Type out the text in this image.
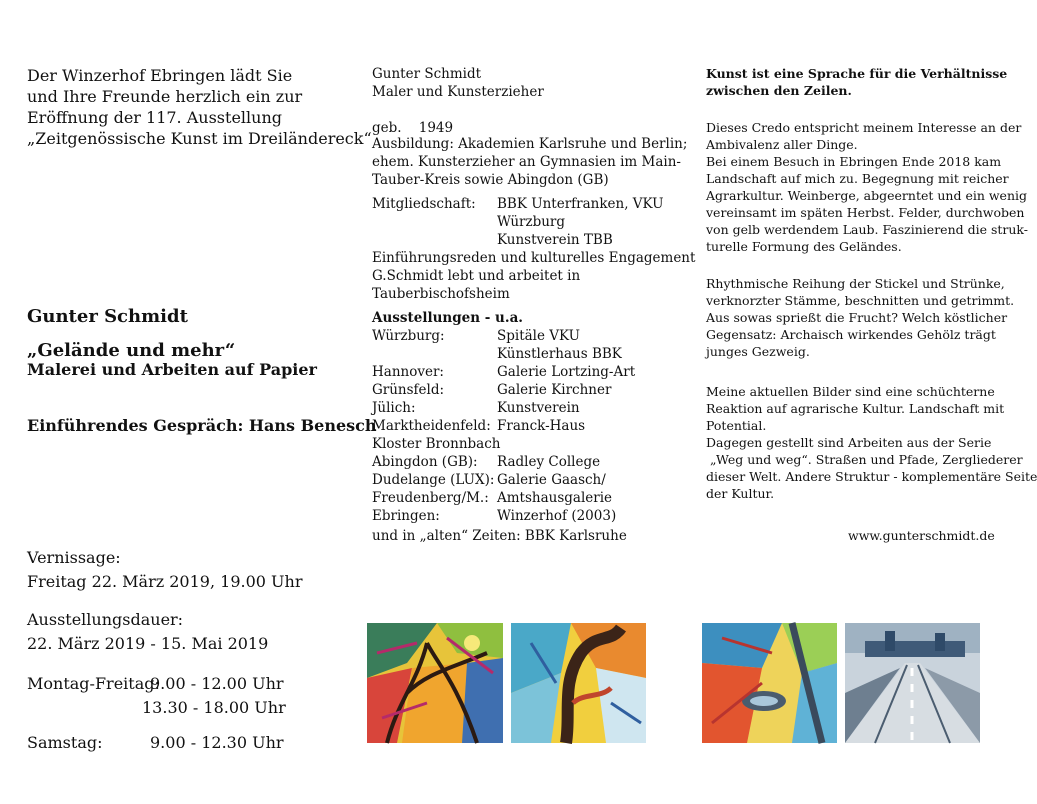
Der Winzerhof Ebringen lädt Sie
und Ihre Freunde herzlich ein zur
Eröffnung der 117. Ausstellung
„Zeitgenössische Kunst im Dreiländereck“
Gunter Schmidt
„Gelände und mehr“
Malerei und Arbeiten auf Papier
Einführendes Gespräch: Hans Benesch
Vernissage:
Freitag 22. März 2019, 19.00 Uhr
Ausstellungsdauer:
22. März 2019 - 15. Mai 2019
Montag-Freitag:
9.00 - 12.00 Uhr
13.30 - 18.00 Uhr
Samstag:	9.00 - 12.30 Uhr
Gunter Schmidt
Maler und Kunsterzieher
geb.    1949
Ausbildung: Akademien Karlsruhe und Berlin;
ehem. Kunsterzieher an Gymnasien im Main-
Tauber-Kreis sowie Abingdon (GB)
Mitgliedschaft: BBK Unterfranken, VKU
Würzburg
Kunstverein TBB
Einführungsreden und kulturelles Engagement
G.Schmidt lebt und arbeitet in
Tauberbischofsheim
Ausstellungen - u.a.
Würzburg:	Spitäle VKU
Künstlerhaus BBK
Hannover:	Galerie Lortzing-Art
Grünsfeld:	Galerie Kirchner
Jülich:	Kunstverein
Marktheidenfeld: Franck-Haus
Kloster Bronnbach
Abingdon (GB): Radley College
Dudelange (LUX): Galerie Gaasch/
Freudenberg/M.: Amtshausgalerie
Ebringen:	Winzerhof (2003)
und in „alten“ Zeiten: BBK Karlsruhe
Kunst ist eine Sprache für die Verhältnisse
zwischen den Zeilen.
Dieses Credo entspricht meinem Interesse an der
Ambivalenz aller Dinge.
Bei einem Besuch in Ebringen Ende 2018 kam
Landschaft auf mich zu. Begegnung mit reicher
Agrarkultur. Weinberge, abgeerntet und ein wenig
vereinsamt im späten Herbst. Felder, durchwoben
von gelb werdendem Laub. Faszinierend die struk-
turelle Formung des Geländes.
Rhythmische Reihung der Stickel und Strünke,
verknorzter Stämme, beschnitten und getrimmt.
Aus sowas sprießt die Frucht? Welch köstlicher
Gegensatz: Archaisch wirkendes Gehölz trägt
junges Gezweig.
Meine aktuellen Bilder sind eine schüchterne
Reaktion auf agrarische Kultur. Landschaft mit
Potential.
Dagegen gestellt sind Arbeiten aus der Serie
„Weg und weg“. Straßen und Pfade, Zergliederer
dieser Welt. Andere Struktur - komplementäre Seite
der Kultur.
www.gunterschmidt.de
